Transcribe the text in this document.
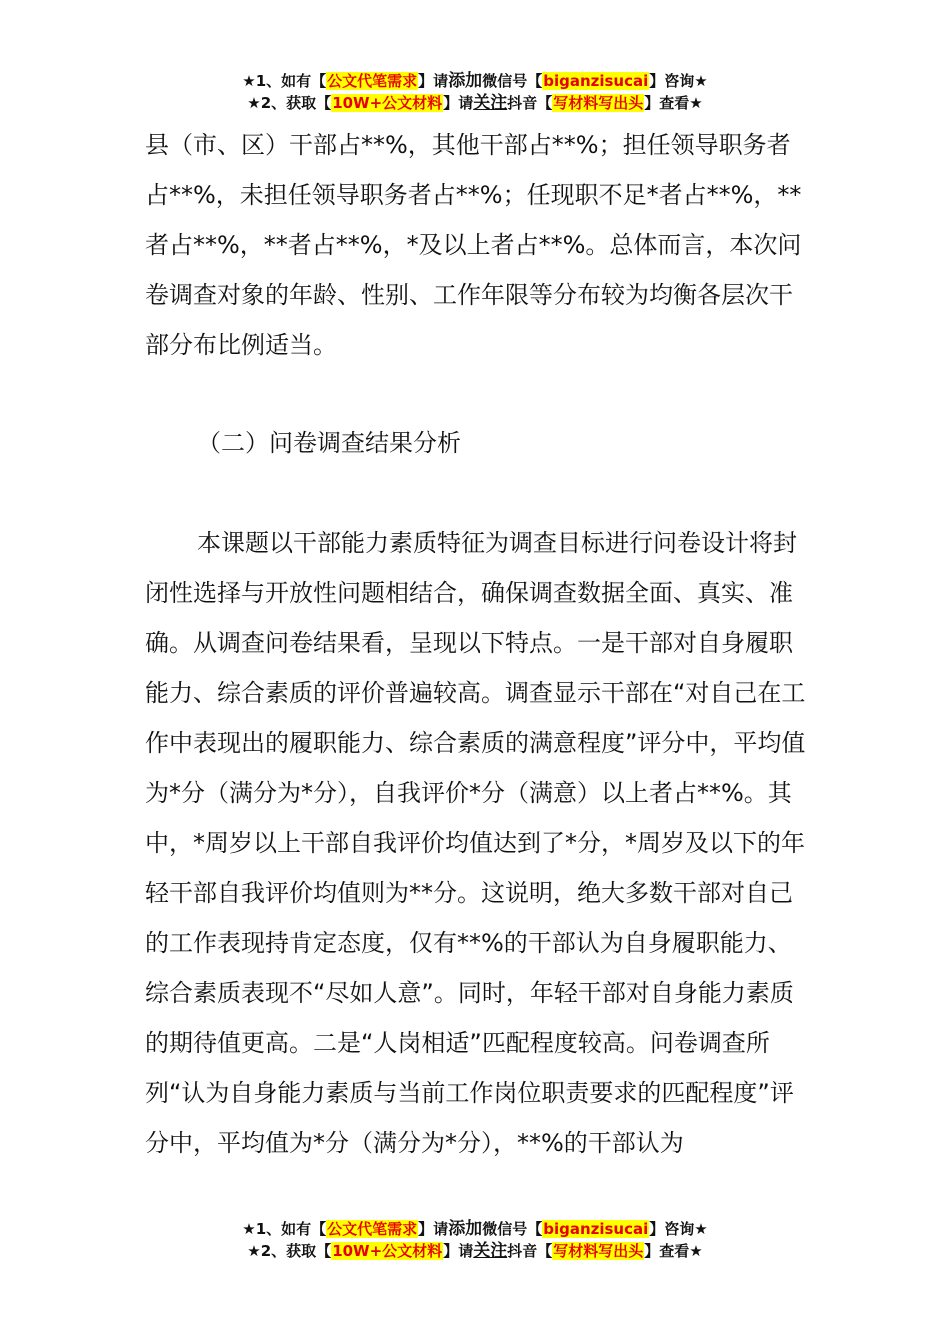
★1、如有【公文代笔需求】请添加微信号【biganzisucai】咨询★
★2、获取【10W+公文材料】请关注抖音【写材料写出头】查看★

县（市、区）干部占**%，其他干部占**%；担任领导职务者占**%，未担任领导职务者占**%；任现职不足*者占**%，**者占**%，**者占**%，*及以上者占**%。总体而言，本次问卷调查对象的年龄、性别、工作年限等分布较为均衡各层次干部分布比例适当。

（二）问卷调查结果分析

本课题以干部能力素质特征为调查目标进行问卷设计将封闭性选择与开放性问题相结合，确保调查数据全面、真实、准确。从调查问卷结果看，呈现以下特点。一是干部对自身履职能力、综合素质的评价普遍较高。调查显示干部在“对自己在工作中表现出的履职能力、综合素质的满意程度”评分中，平均值为*分（满分为*分），自我评价*分（满意）以上者占**%。其中，*周岁以上干部自我评价均值达到了*分，*周岁及以下的年轻干部自我评价均值则为**分。这说明，绝大多数干部对自己的工作表现持肯定态度，仅有**%的干部认为自身履职能力、综合素质表现不“尽如人意”。同时，年轻干部对自身能力素质的期待值更高。二是“人岗相适”匹配程度较高。问卷调查所列“认为自身能力素质与当前工作岗位职责要求的匹配程度”评分中，平均值为*分（满分为*分），**%的干部认为

★1、如有【公文代笔需求】请添加微信号【biganzisucai】咨询★
★2、获取【10W+公文材料】请关注抖音【写材料写出头】查看★
